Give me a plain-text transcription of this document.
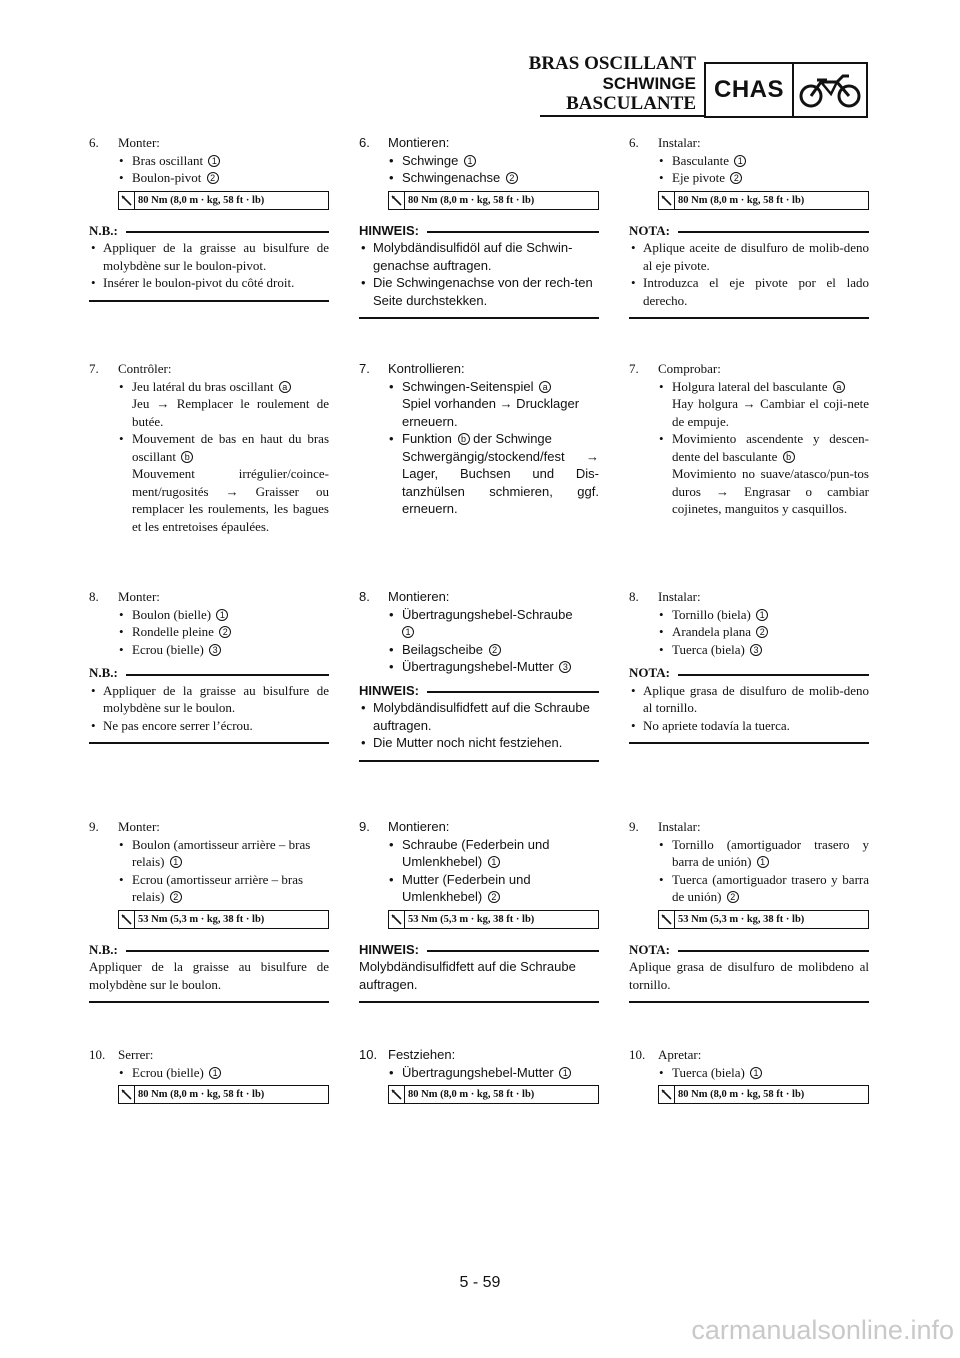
BRAS OSCILLANT
SCHWINGE
BASCULANTE
CHAS
6.	Monter:
• Bras oscillant 1
• Boulon-pivot 2
80 Nm (8,0 m · kg, 58 ft · lb)
N.B.:
• Appliquer de la graisse au bisulfure de molybdène sur le boulon-pivot.
• Insérer le boulon-pivot du côté droit.
7.	Contrôler:
• Jeu latéral du bras oscillant a
Jeu → Remplacer le roulement de butée.
• Mouvement de bas en haut du bras oscillant b
Mouvement irrégulier/coince-ment/rugosités → Graisser ou remplacer les roulements, les bagues et les entretoises épaulées.
8.	Monter:
• Boulon (bielle) 1
• Rondelle pleine 2
• Ecrou (bielle) 3
N.B.:
• Appliquer de la graisse au bisulfure de molybdène sur le boulon.
• Ne pas encore serrer l’écrou.
9.	Monter:
• Boulon (amortisseur arrière – bras relais) 1
• Ecrou (amortisseur arrière – bras relais) 2
53 Nm (5,3 m · kg, 38 ft · lb)
N.B.:
Appliquer de la graisse au bisulfure de molybdène sur le boulon.
10. Serrer:
• Ecrou (bielle) 1
80 Nm (8,0 m · kg, 58 ft · lb)
6.	Montieren:
• Schwinge 1
• Schwingenachse 2
80 Nm (8,0 m · kg, 58 ft · lb)
HINWEIS:
• Molybdändisulfidöl auf die Schwin-genachse auftragen.
• Die Schwingenachse von der rech-ten Seite durchstekken.
7.	Kontrollieren:
• Schwingen-Seitenspiel a
Spiel vorhanden → Drucklager erneuern.
• Funktion b der Schwinge
Schwergängig/stockend/fest → Lager, Buchsen und Dis-tanzhülsen schmieren, ggf. erneuern.
8.	Montieren:
• Übertragungshebel-Schraube
1
• Beilagscheibe 2
• Übertragungshebel-Mutter 3
HINWEIS:
• Molybdändisulfidfett auf die Schraube auftragen.
• Die Mutter noch nicht festziehen.
9.	Montieren:
• Schraube (Federbein und Umlenkhebel) 1
• Mutter (Federbein und Umlenkhebel) 2
53 Nm (5,3 m · kg, 38 ft · lb)
HINWEIS:
Molybdändisulfidfett auf die Schraube auftragen.
10. Festziehen:
• Übertragungshebel-Mutter 1
80 Nm (8,0 m · kg, 58 ft · lb)
6.	Instalar:
• Basculante 1
• Eje pivote 2
80 Nm (8,0 m · kg, 58 ft · lb)
NOTA:
• Aplique aceite de disulfuro de molib-deno al eje pivote.
• Introduzca el eje pivote por el lado derecho.
7.	Comprobar:
• Holgura lateral del basculante a
Hay holgura → Cambiar el coji-nete de empuje.
• Movimiento ascendente y descen-dente del basculante b
Movimiento no suave/atasco/pun-tos duros → Engrasar o cambiar cojinetes, manguitos y casquillos.
8.	Instalar:
• Tornillo (biela) 1
• Arandela plana 2
• Tuerca (biela) 3
NOTA:
• Aplique grasa de disulfuro de molib-deno al tornillo.
• No apriete todavía la tuerca.
9.	Instalar:
• Tornillo (amortiguador trasero y barra de unión) 1
• Tuerca (amortiguador trasero y barra de unión) 2
53 Nm (5,3 m · kg, 38 ft · lb)
NOTA:
Aplique grasa de disulfuro de molibdeno al tornillo.
10. Apretar:
• Tuerca (biela) 1
80 Nm (8,0 m · kg, 58 ft · lb)
5 - 59
carmanualsonline.info
